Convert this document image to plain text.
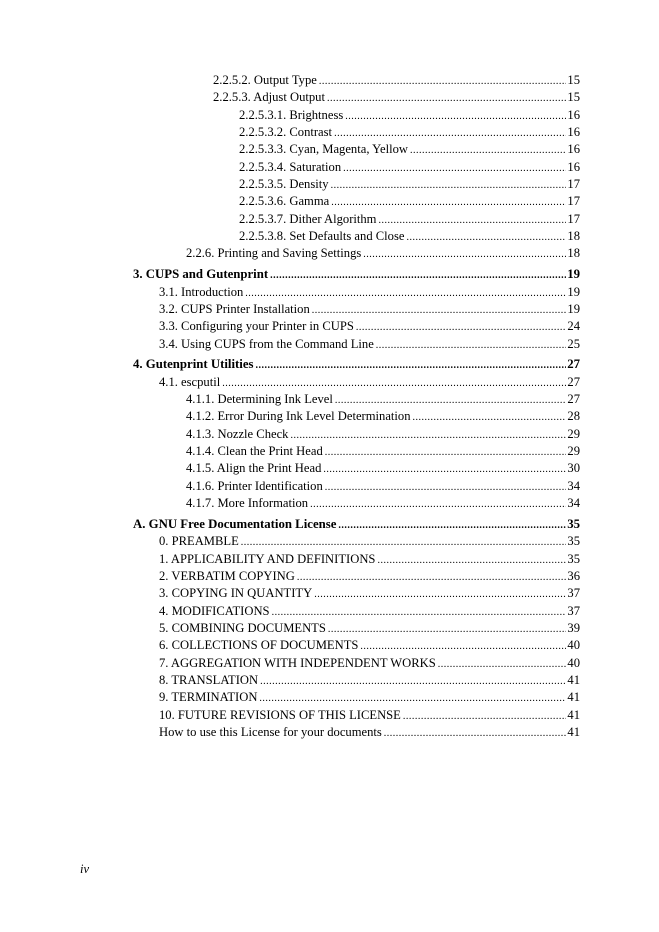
2.2.5.2. Output Type .....	15
2.2.5.3. Adjust Output .....	15
2.2.5.3.1. Brightness .....	16
2.2.5.3.2. Contrast .....	16
2.2.5.3.3. Cyan, Magenta, Yellow .....	16
2.2.5.3.4. Saturation .....	16
2.2.5.3.5. Density .....	17
2.2.5.3.6. Gamma .....	17
2.2.5.3.7. Dither Algorithm .....	17
2.2.5.3.8. Set Defaults and Close .....	18
2.2.6. Printing and Saving Settings .....	18
3. CUPS and Gutenprint .....	19
3.1. Introduction .....	19
3.2. CUPS Printer Installation .....	19
3.3. Configuring your Printer in CUPS .....	24
3.4. Using CUPS from the Command Line .....	25
4. Gutenprint Utilities .....	27
4.1. escputil .....	27
4.1.1. Determining Ink Level .....	27
4.1.2. Error During Ink Level Determination .....	28
4.1.3. Nozzle Check .....	29
4.1.4. Clean the Print Head .....	29
4.1.5. Align the Print Head .....	30
4.1.6. Printer Identification .....	34
4.1.7. More Information .....	34
A. GNU Free Documentation License .....	35
0. PREAMBLE .....	35
1. APPLICABILITY AND DEFINITIONS .....	35
2. VERBATIM COPYING .....	36
3. COPYING IN QUANTITY .....	37
4. MODIFICATIONS .....	37
5. COMBINING DOCUMENTS .....	39
6. COLLECTIONS OF DOCUMENTS .....	40
7. AGGREGATION WITH INDEPENDENT WORKS .....	40
8. TRANSLATION .....	41
9. TERMINATION .....	41
10. FUTURE REVISIONS OF THIS LICENSE .....	41
How to use this License for your documents .....	41
iv
